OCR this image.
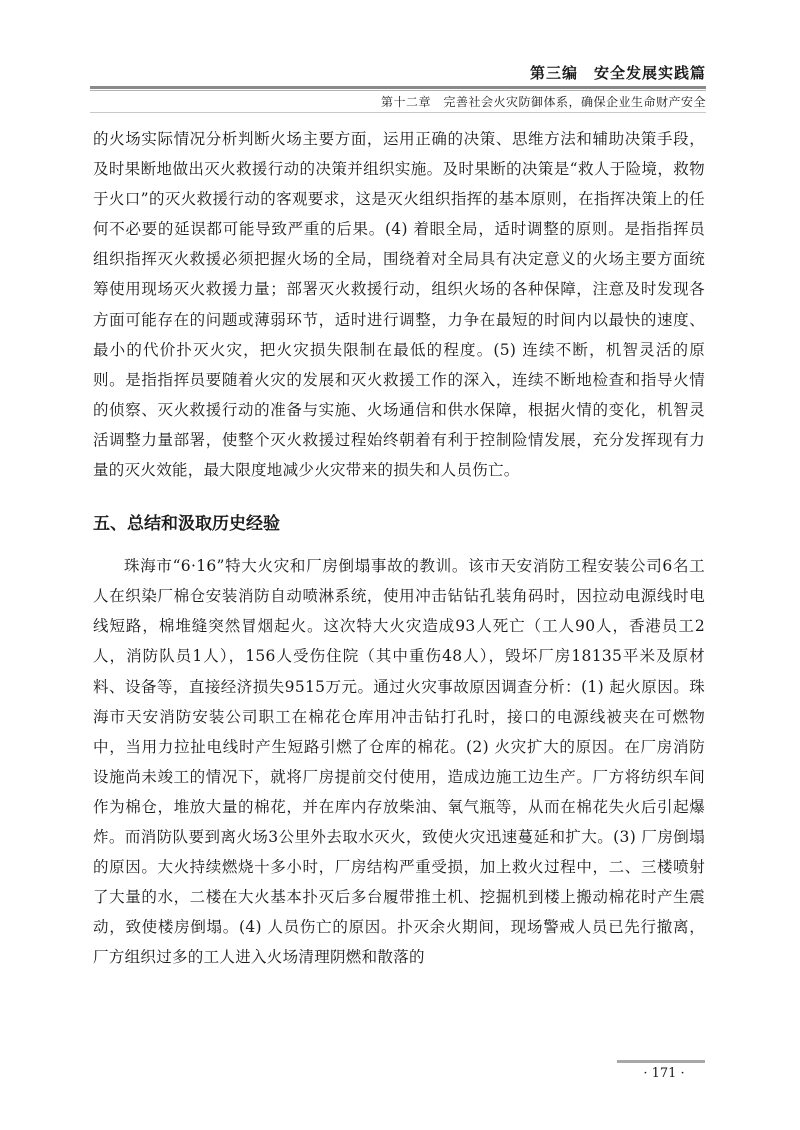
第三编　安全发展实践篇
第十二章　完善社会火灾防御体系，确保企业生命财产安全

的火场实际情况分析判断火场主要方面，运用正确的决策、思维方法和辅助决策手段，及时果断地做出灭火救援行动的决策并组织实施。及时果断的决策是“救人于险境，救物于火口”的灭火救援行动的客观要求，这是灭火组织指挥的基本原则，在指挥决策上的任何不必要的延误都可能导致严重的后果。(4) 着眼全局，适时调整的原则。是指指挥员组织指挥灭火救援必须把握火场的全局，围绕着对全局具有决定意义的火场主要方面统筹使用现场灭火救援力量；部署灭火救援行动，组织火场的各种保障，注意及时发现各方面可能存在的问题或薄弱环节，适时进行调整，力争在最短的时间内以最快的速度、最小的代价扑灭火灾，把火灾损失限制在最低的程度。(5) 连续不断，机智灵活的原则。是指指挥员要随着火灾的发展和灭火救援工作的深入，连续不断地检查和指导火情的侦察、灭火救援行动的准备与实施、火场通信和供水保障，根据火情的变化，机智灵活调整力量部署，使整个灭火救援过程始终朝着有利于控制险情发展，充分发挥现有力量的灭火效能，最大限度地减少火灾带来的损失和人员伤亡。

五、总结和汲取历史经验

珠海市“6·16”特大火灾和厂房倒塌事故的教训。该市天安消防工程安装公司6名工人在织染厂棉仓安装消防自动喷淋系统，使用冲击钻钻孔装角码时，因拉动电源线时电线短路，棉堆缝突然冒烟起火。这次特大火灾造成93人死亡（工人90人，香港员工2人，消防队员1人），156人受伤住院（其中重伤48人），毁坏厂房18135平米及原材料、设备等，直接经济损失9515万元。通过火灾事故原因调查分析：(1) 起火原因。珠海市天安消防安装公司职工在棉花仓库用冲击钻打孔时，接口的电源线被夹在可燃物中，当用力拉扯电线时产生短路引燃了仓库的棉花。(2) 火灾扩大的原因。在厂房消防设施尚未竣工的情况下，就将厂房提前交付使用，造成边施工边生产。厂方将纺织车间作为棉仓，堆放大量的棉花，并在库内存放柴油、氧气瓶等，从而在棉花失火后引起爆炸。而消防队要到离火场3公里外去取水灭火，致使火灾迅速蔓延和扩大。(3) 厂房倒塌的原因。大火持续燃烧十多小时，厂房结构严重受损，加上救火过程中，二、三楼喷射了大量的水，二楼在大火基本扑灭后多台履带推土机、挖掘机到楼上搬动棉花时产生震动，致使楼房倒塌。(4) 人员伤亡的原因。扑灭余火期间，现场警戒人员已先行撤离，厂方组织过多的工人进入火场清理阴燃和散落的

· 171 ·
